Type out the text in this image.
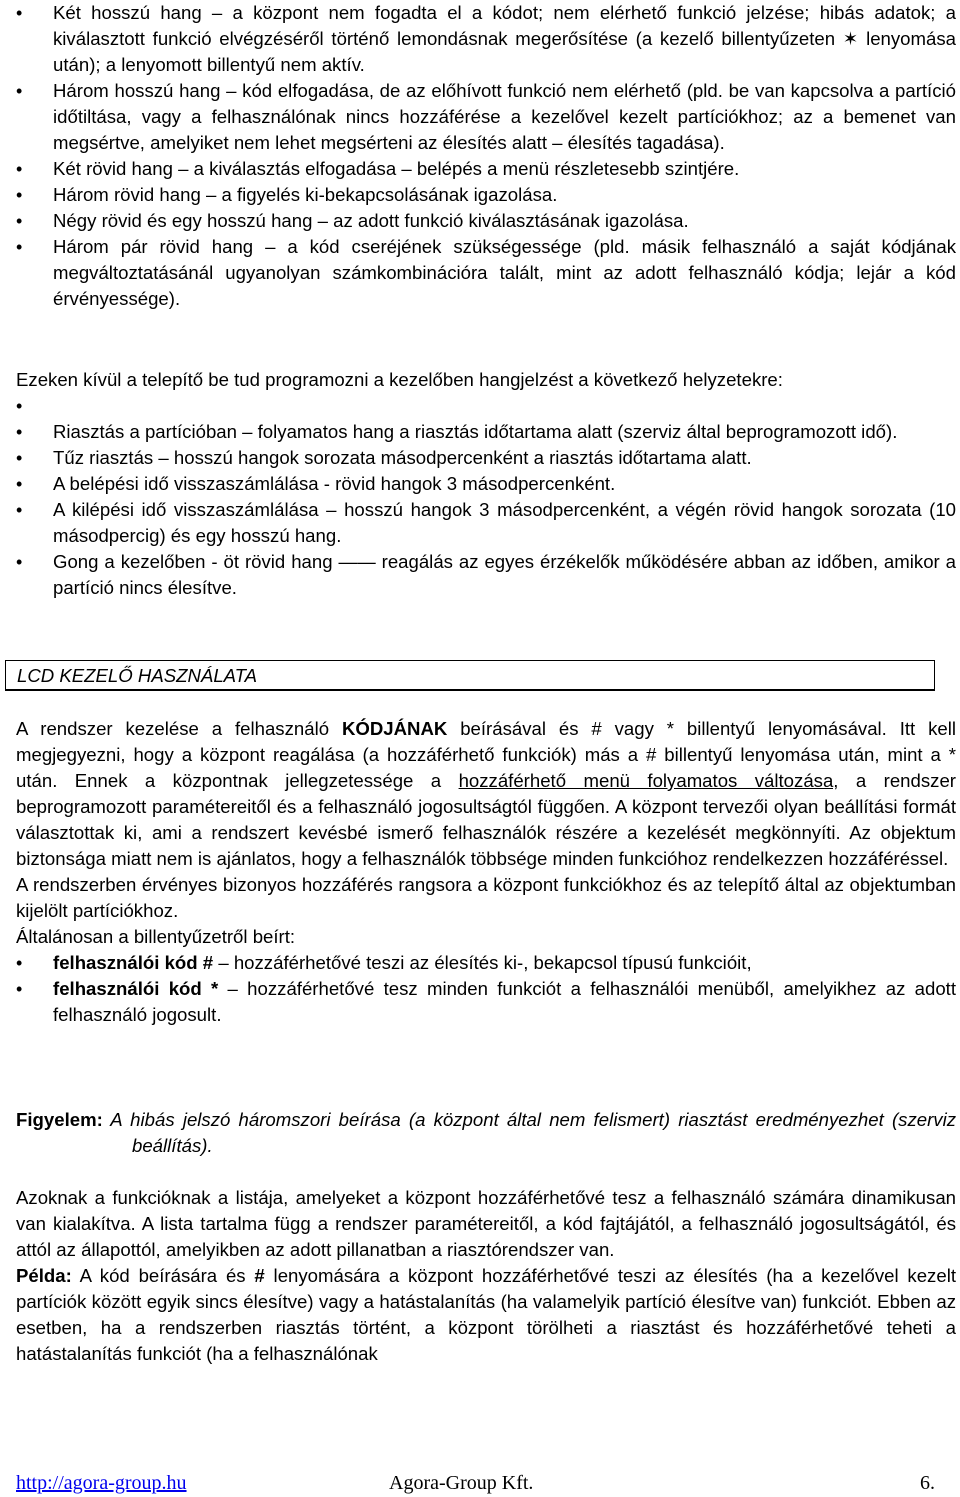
• Két hosszú hang – a központ nem fogadta el a kódot; nem elérhető funkció jelzése; hibás adatok; a kiválasztott funkció elvégzéséről történő lemondásnak megerősítése (a kezelő billentyűzeten ✶ lenyomása után); a lenyomott billentyű nem aktív.
• Három hosszú hang – kód elfogadása, de az előhívott funkció nem elérhető (pld. be van kapcsolva a partíció időtiltása, vagy a felhasználónak nincs hozzáférése a kezelővel kezelt partíciókhoz; az a bemenet van megsértve, amelyiket nem lehet megsérteni az élesítés alatt – élesítés tagadása).
• Két rövid hang – a kiválasztás elfogadása – belépés a menü részletesebb szintjére.
• Három rövid hang – a figyelés ki-bekapcsolásának igazolása.
• Négy rövid és egy hosszú hang – az adott funkció kiválasztásának igazolása.
• Három pár rövid hang – a kód cseréjének szükségessége (pld. másik felhasználó a saját kódjának megváltoztatásánál ugyanolyan számkombinációra talált, mint az adott felhasználó kódja; lejár a kód érvényessége).

Ezeken kívül a telepítő be tud programozni a kezelőben hangjelzést a következő helyzetekre:

•
• Riasztás a partícióban – folyamatos hang a riasztás időtartama alatt (szerviz által beprogramozott idő).
• Tűz riasztás – hosszú hangok sorozata másodpercenként a riasztás időtartama alatt.
• A belépési idő visszaszámlálása - rövid hangok 3 másodpercenként.
• A kilépési idő visszaszámlálása – hosszú hangok 3 másodpercenként, a végén rövid hangok sorozata (10 másodpercig) és egy hosszú hang.
• Gong a kezelőben - öt rövid hang —— reagálás az egyes érzékelők működésére abban az időben, amikor a partíció nincs élesítve.
LCD KEZELŐ HASZNÁLATA

A rendszer kezelése a felhasználó KÓDJÁNAK beírásával és # vagy * billentyű lenyomásával. Itt kell megjegyezni, hogy a központ reagálása (a hozzáférhető funkciók) más a # billentyű lenyomása után, mint a * után. Ennek a központnak jellegzetessége a hozzáférhető menü folyamatos változása, a rendszer beprogramozott paramétereitől és a felhasználó jogosultságtól függően. A központ tervezői olyan beállítási formát választottak ki, ami a rendszert kevésbé ismerő felhasználók részére a kezelését megkönnyíti. Az objektum biztonsága miatt nem is ajánlatos, hogy a felhasználók többsége minden funkcióhoz rendelkezzen hozzáféréssel.

A rendszerben érvényes bizonyos hozzáférés rangsora a központ funkciókhoz és az telepítő által az objektumban kijelölt partíciókhoz.

Általánosan a billentyűzetről beírt:

• felhasználói kód # – hozzáférhetővé teszi az élesítés ki-, bekapcsol típusú funkcióit,
• felhasználói kód * – hozzáférhetővé tesz minden funkciót a felhasználói menüből, amelyikhez az adott felhasználó jogosult.

Figyelem: A hibás jelszó háromszori beírása (a központ által nem felismert) riasztást eredményezhet (szerviz beállítás).

Azoknak a funkcióknak a listája, amelyeket a központ hozzáférhetővé tesz a felhasználó számára dinamikusan van kialakítva. A lista tartalma függ a rendszer paramétereitől, a kód fajtájától, a felhasználó jogosultságától, és attól az állapottól, amelyikben az adott pillanatban a riasztórendszer van.

Példa: A kód beírására és # lenyomására a központ hozzáférhetővé teszi az élesítés (ha a kezelővel kezelt partíciók között egyik sincs élesítve) vagy a hatástalanítás (ha valamelyik partíció élesítve van) funkciót. Ebben az esetben, ha a rendszerben riasztás történt, a központ törölheti a riasztást és hozzáférhetővé teheti a hatástalanítás funkciót (ha a felhasználónak

http://agora-group.hu	Agora-Group Kft.	6.
